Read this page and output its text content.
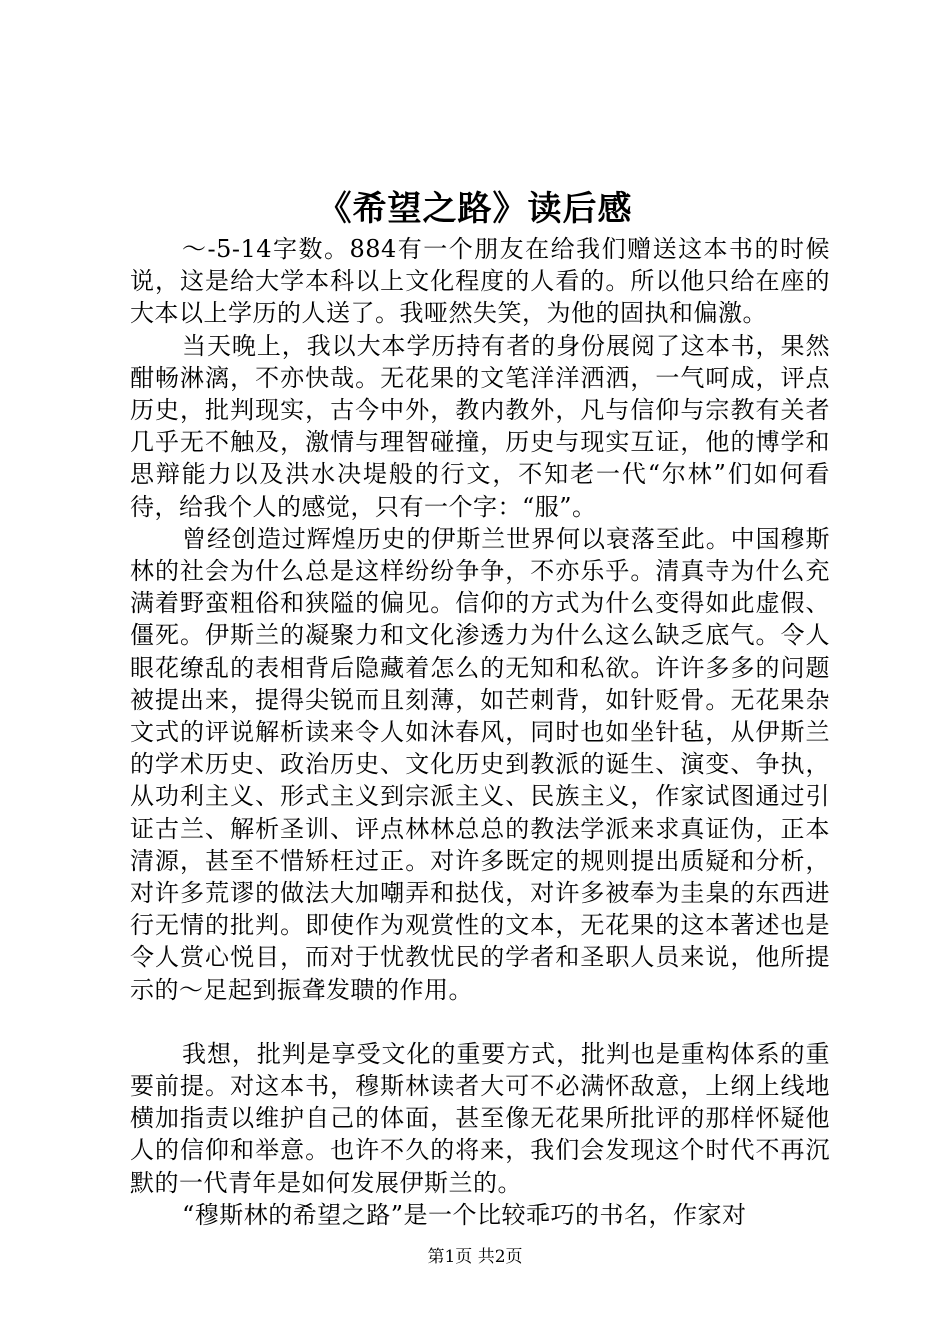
《希望之路》读后感

～-5-14字数。884有一个朋友在给我们赠送这本书的时候说，这是给大学本科以上文化程度的人看的。所以他只给在座的大本以上学历的人送了。我哑然失笑，为他的固执和偏激。

当天晚上，我以大本学历持有者的身份展阅了这本书，果然酣畅淋漓，不亦快哉。无花果的文笔洋洋洒洒，一气呵成，评点历史，批判现实，古今中外，教内教外，凡与信仰与宗教有关者几乎无不触及，激情与理智碰撞，历史与现实互证，他的博学和思辩能力以及洪水决堤般的行文，不知老一代“尔林”们如何看待，给我个人的感觉，只有一个字：“服”。

曾经创造过辉煌历史的伊斯兰世界何以衰落至此。中国穆斯林的社会为什么总是这样纷纷争争，不亦乐乎。清真寺为什么充满着野蛮粗俗和狭隘的偏见。信仰的方式为什么变得如此虚假、僵死。伊斯兰的凝聚力和文化渗透力为什么这么缺乏底气。令人眼花缭乱的表相背后隐藏着怎么的无知和私欲。许许多多的问题被提出来，提得尖锐而且刻薄，如芒刺背，如针贬骨。无花果杂文式的评说解析读来令人如沐春风，同时也如坐针毡，从伊斯兰的学术历史、政治历史、文化历史到教派的诞生、演变、争执，从功利主义、形式主义到宗派主义、民族主义，作家试图通过引证古兰、解析圣训、评点林林总总的教法学派来求真证伪，正本清源，甚至不惜矫枉过正。对许多既定的规则提出质疑和分析，对许多荒谬的做法大加嘲弄和挞伐，对许多被奉为圭臬的东西进行无情的批判。即使作为观赏性的文本，无花果的这本著述也是令人赏心悦目，而对于忧教忧民的学者和圣职人员来说，他所提示的～足起到振聋发聩的作用。

我想，批判是享受文化的重要方式，批判也是重构体系的重要前提。对这本书，穆斯林读者大可不必满怀敌意，上纲上线地横加指责以维护自己的体面，甚至像无花果所批评的那样怀疑他人的信仰和举意。也许不久的将来，我们会发现这个时代不再沉默的一代青年是如何发展伊斯兰的。

“穆斯林的希望之路”是一个比较乖巧的书名，作家对

第1页 共2页
